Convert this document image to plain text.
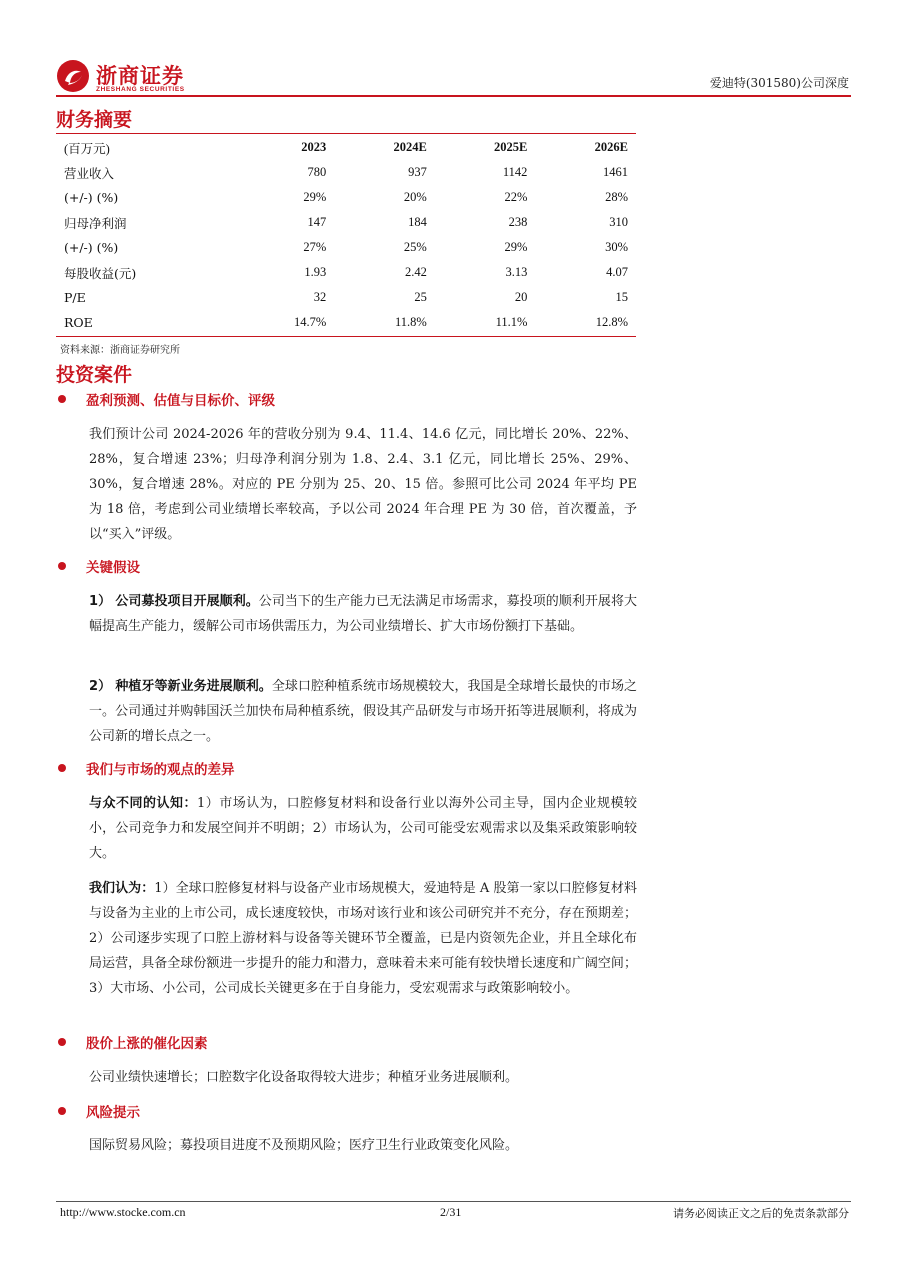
浙商证券
ZHESHANG SECURITIES	爱迪特(301580)公司深度
财务摘要
(百万元)	2023	2024E	2025E	2026E
营业收入	780	937	1142	1461
(+/-) (%)	29%	20%	22%	28%
归母净利润	147	184	238	310
(+/-) (%)	27%	25%	29%	30%
每股收益(元)	1.93	2.42	3.13	4.07
P/E	32	25	20	15
ROE	14.7%	11.8%	11.1%	12.8%
资料来源：浙商证券研究所
投资案件
盈利预测、估值与目标价、评级
我们预计公司 2024-2026 年的营收分别为 9.4、11.4、14.6 亿元，同比增长 20%、22%、28%，复合增速 23%；归母净利润分别为 1.8、2.4、3.1 亿元，同比增长 25%、29%、30%，复合增速 28%。对应的 PE 分别为 25、20、15 倍。参照可比公司 2024 年平均 PE 为 18 倍，考虑到公司业绩增长率较高，予以公司 2024 年合理 PE 为 30 倍，首次覆盖，予以“买入”评级。
关键假设
1） 公司募投项目开展顺利。公司当下的生产能力已无法满足市场需求，募投项的顺利开展将大幅提高生产能力，缓解公司市场供需压力，为公司业绩增长、扩大市场份额打下基础。
2） 种植牙等新业务进展顺利。全球口腔种植系统市场规模较大，我国是全球增长最快的市场之一。公司通过并购韩国沃兰加快布局种植系统，假设其产品研发与市场开拓等进展顺利，将成为公司新的增长点之一。
我们与市场的观点的差异
与众不同的认知：1）市场认为，口腔修复材料和设备行业以海外公司主导，国内企业规模较小，公司竞争力和发展空间并不明朗；2）市场认为，公司可能受宏观需求以及集采政策影响较大。
我们认为：1）全球口腔修复材料与设备产业市场规模大，爱迪特是 A 股第一家以口腔修复材料与设备为主业的上市公司，成长速度较快，市场对该行业和该公司研究并不充分，存在预期差；2）公司逐步实现了口腔上游材料与设备等关键环节全覆盖，已是内资领先企业，并且全球化布局运营，具备全球份额进一步提升的能力和潜力，意味着未来可能有较快增长速度和广阔空间；3）大市场、小公司，公司成长关键更多在于自身能力，受宏观需求与政策影响较小。
股价上涨的催化因素
公司业绩快速增长；口腔数字化设备取得较大进步；种植牙业务进展顺利。
风险提示
国际贸易风险；募投项目进度不及预期风险；医疗卫生行业政策变化风险。
http://www.stocke.com.cn	2/31	请务必阅读正文之后的免责条款部分
